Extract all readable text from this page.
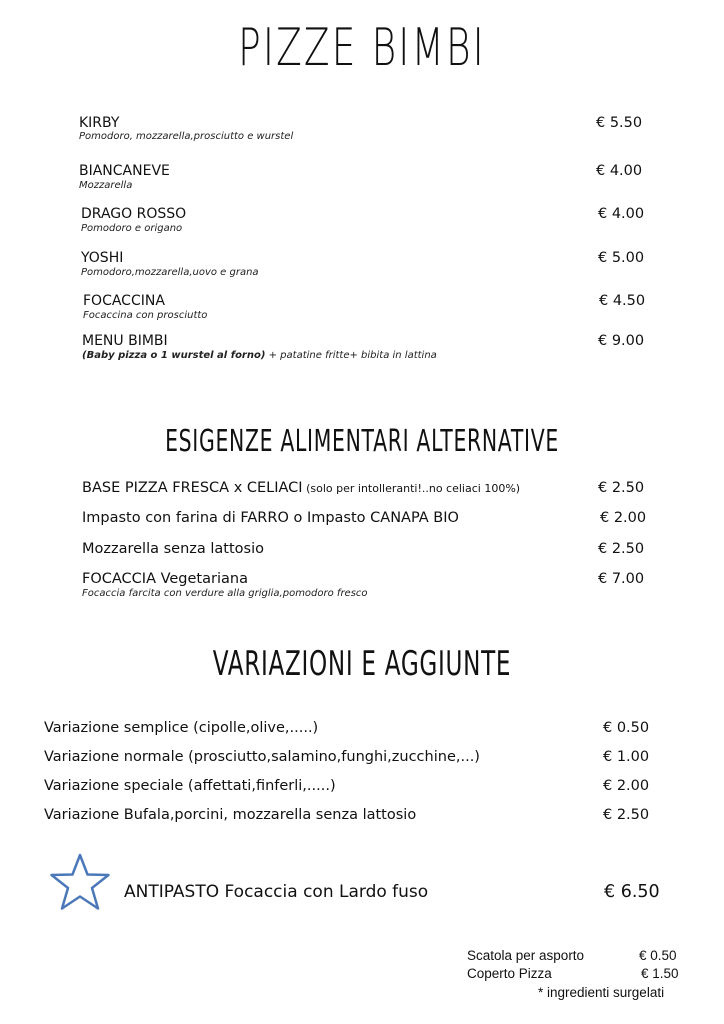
PIZZE BIMBI
KIRBY
Pomodoro, mozzarella,prosciutto e wurstel
€ 5.50
BIANCANEVE
Mozzarella
€ 4.00
DRAGO ROSSO
Pomodoro e origano
€ 4.00
YOSHI
Pomodoro,mozzarella,uovo e grana
€ 5.00
FOCACCINA
Focaccina con prosciutto
€ 4.50
MENU BIMBI
(Baby pizza o 1 wurstel al forno) + patatine fritte+ bibita in lattina
€ 9.00
ESIGENZE ALIMENTARI ALTERNATIVE
BASE PIZZA FRESCA x CELIACI (solo per intolleranti!..no celiaci 100%)	€ 2.50
Impasto con farina di FARRO o Impasto CANAPA BIO	€ 2.00
Mozzarella senza lattosio	€ 2.50
FOCACCIA Vegetariana
Focaccia farcita con verdure alla griglia,pomodoro fresco
€ 7.00
VARIAZIONI E AGGIUNTE
Variazione semplice (cipolle,olive,.....)	€ 0.50
Variazione normale (prosciutto,salamino,funghi,zucchine,...)	€ 1.00
Variazione speciale (affettati,finferli,.....)	€ 2.00
Variazione Bufala,porcini, mozzarella senza lattosio	€ 2.50
ANTIPASTO Focaccia con Lardo fuso	€ 6.50
Scatola per asporto	€ 0.50
Coperto Pizza	€ 1.50
* ingredienti surgelati
